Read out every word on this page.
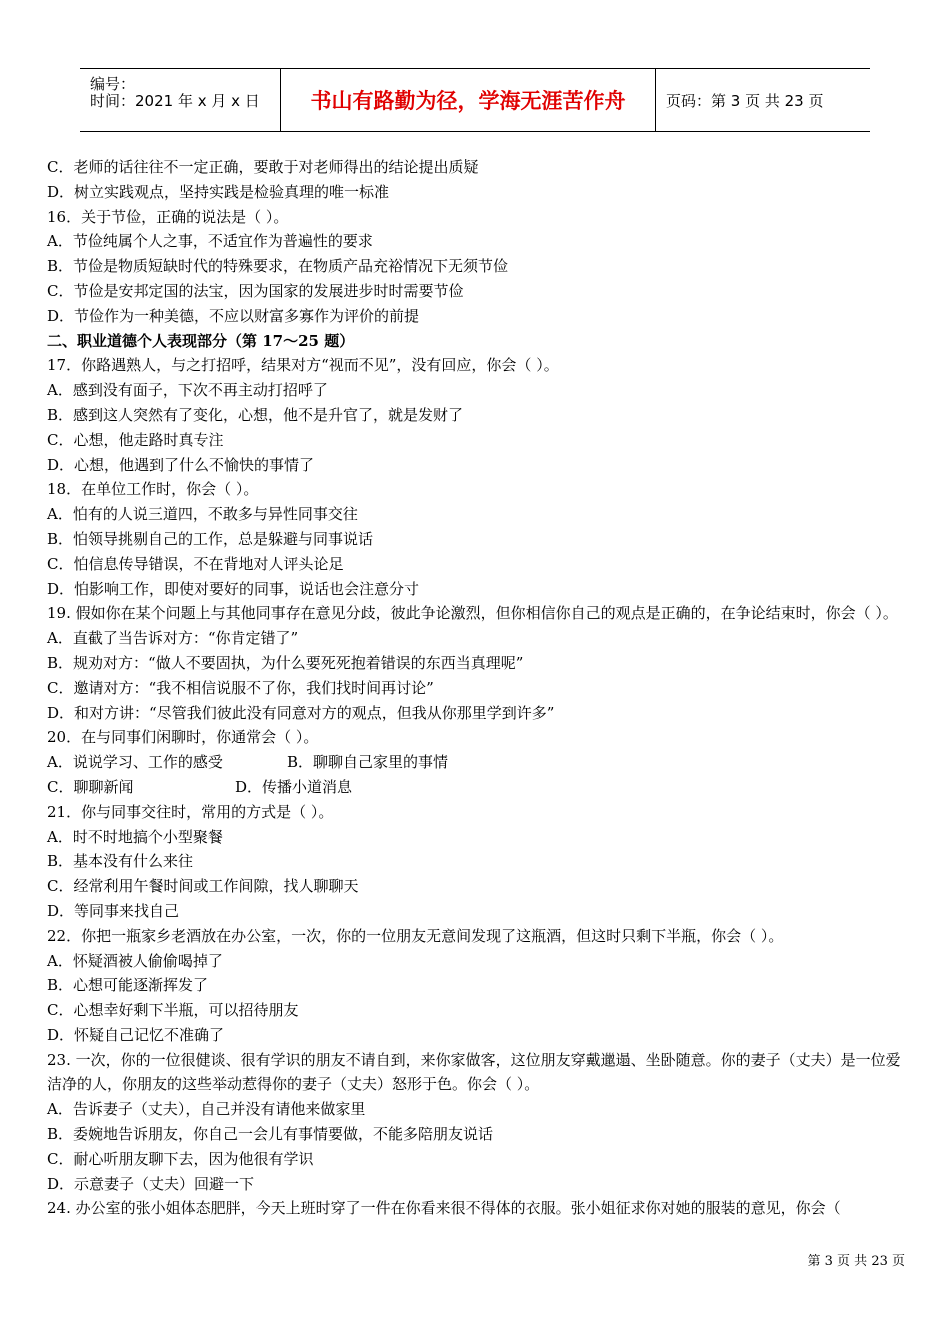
编号：
时间：2021 年 x 月 x 日	书山有路勤为径，学海无涯苦作舟	页码：第 3 页 共 23 页
C．老师的话往往不一定正确，要敢于对老师得出的结论提出质疑
D．树立实践观点，坚持实践是检验真理的唯一标准
16．关于节俭，正确的说法是（ ）。
A．节俭纯属个人之事，不适宜作为普遍性的要求
B．节俭是物质短缺时代的特殊要求，在物质产品充裕情况下无须节俭
C．节俭是安邦定国的法宝，因为国家的发展进步时时需要节俭
D．节俭作为一种美德，不应以财富多寡作为评价的前提
二、职业道德个人表现部分（第 17～25 题）
17．你路遇熟人，与之打招呼，结果对方“视而不见”，没有回应，你会（ ）。
A．感到没有面子，下次不再主动打招呼了
B．感到这人突然有了变化，心想，他不是升官了，就是发财了
C．心想，他走路时真专注
D．心想，他遇到了什么不愉快的事情了
18．在单位工作时，你会（ ）。
A．怕有的人说三道四，不敢多与异性同事交往
B．怕领导挑剔自己的工作，总是躲避与同事说话
C．怕信息传导错误，不在背地对人评头论足
D．怕影响工作，即使对要好的同事，说话也会注意分寸
19. 假如你在某个问题上与其他同事存在意见分歧，彼此争论激烈，但你相信你自己的观点是正确的，在争论结束时，你会（ ）。
A．直截了当告诉对方：“你肯定错了”
B．规劝对方：“做人不要固执，为什么要死死抱着错误的东西当真理呢”
C．邀请对方：“我不相信说服不了你，我们找时间再讨论”
D．和对方讲：“尽管我们彼此没有同意对方的观点，但我从你那里学到许多”
20．在与同事们闲聊时，你通常会（ ）。
A．说说学习、工作的感受	B．聊聊自己家里的事情
C．聊聊新闻	D．传播小道消息
21．你与同事交往时，常用的方式是（ ）。
A．时不时地搞个小型聚餐
B．基本没有什么来往
C．经常利用午餐时间或工作间隙，找人聊聊天
D．等同事来找自己
22．你把一瓶家乡老酒放在办公室，一次，你的一位朋友无意间发现了这瓶酒，但这时只剩下半瓶，你会（ ）。
A．怀疑酒被人偷偷喝掉了
B．心想可能逐渐挥发了
C．心想幸好剩下半瓶，可以招待朋友
D．怀疑自己记忆不准确了
23. 一次，你的一位很健谈、很有学识的朋友不请自到，来你家做客，这位朋友穿戴邋遢、坐卧随意。你的妻子（丈夫）是一位爱洁净的人，你朋友的这些举动惹得你的妻子（丈夫）怒形于色。你会（ ）。
A．告诉妻子（丈夫），自己并没有请他来做家里
B．委婉地告诉朋友，你自己一会儿有事情要做，不能多陪朋友说话
C．耐心听朋友聊下去，因为他很有学识
D．示意妻子（丈夫）回避一下
24. 办公室的张小姐体态肥胖，今天上班时穿了一件在你看来很不得体的衣服。张小姐征求你对她的服装的意见，你会（
第 3 页 共 23 页
